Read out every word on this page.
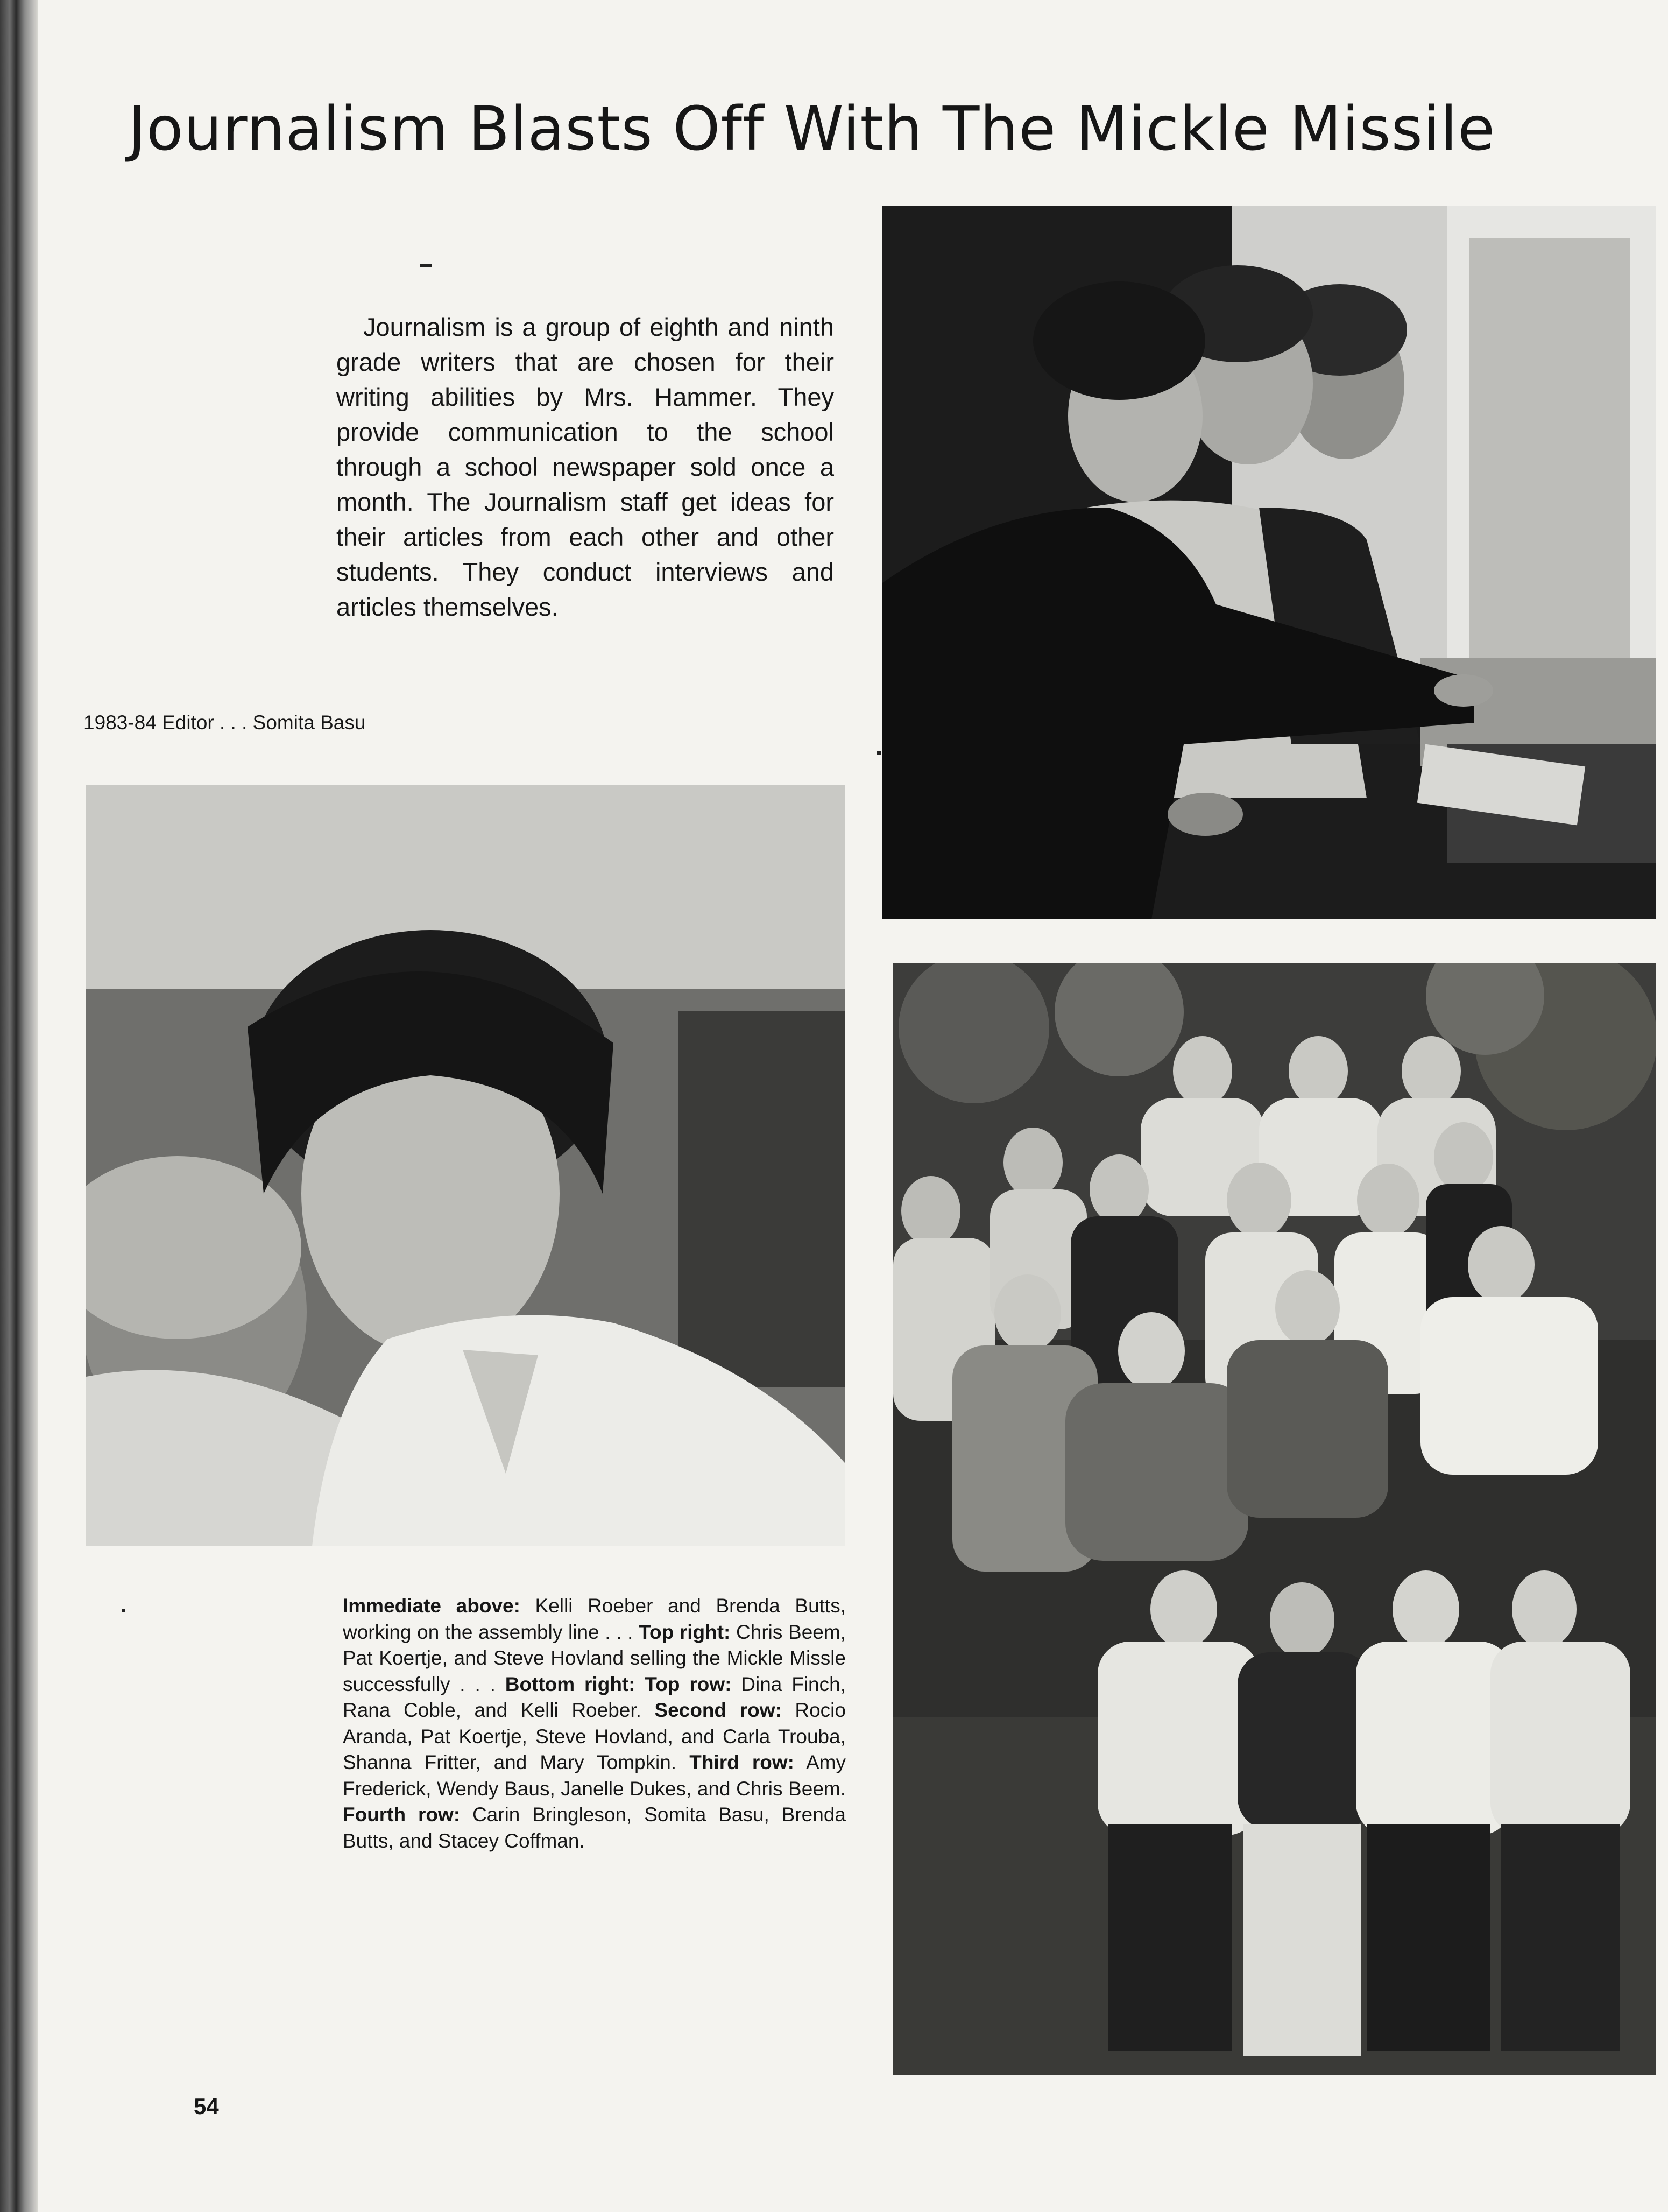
Journalism Blasts Off With The Mickle Missile

Journalism is a group of eighth and ninth grade writers that are chosen for their writing abilities by Mrs. Hammer. They provide communication to the school through a school newspaper sold once a month. The Journalism staff get ideas for their articles from each other and other students. They conduct interviews and articles themselves.

1983-84 Editor . . . Somita Basu

Immediate above: Kelli Roeber and Brenda Butts, working on the assembly line . . . Top right: Chris Beem, Pat Koertje, and Steve Hovland selling the Mickle Missle successfully . . . Bottom right: Top row: Dina Finch, Rana Coble, and Kelli Roeber. Second row: Rocio Aranda, Pat Koertje, Steve Hovland, and Carla Trouba, Shanna Fritter, and Mary Tompkin. Third row: Amy Frederick, Wendy Baus, Janelle Dukes, and Chris Beem. Fourth row: Carin Bringleson, Somita Basu, Brenda Butts, and Stacey Coffman.

54
